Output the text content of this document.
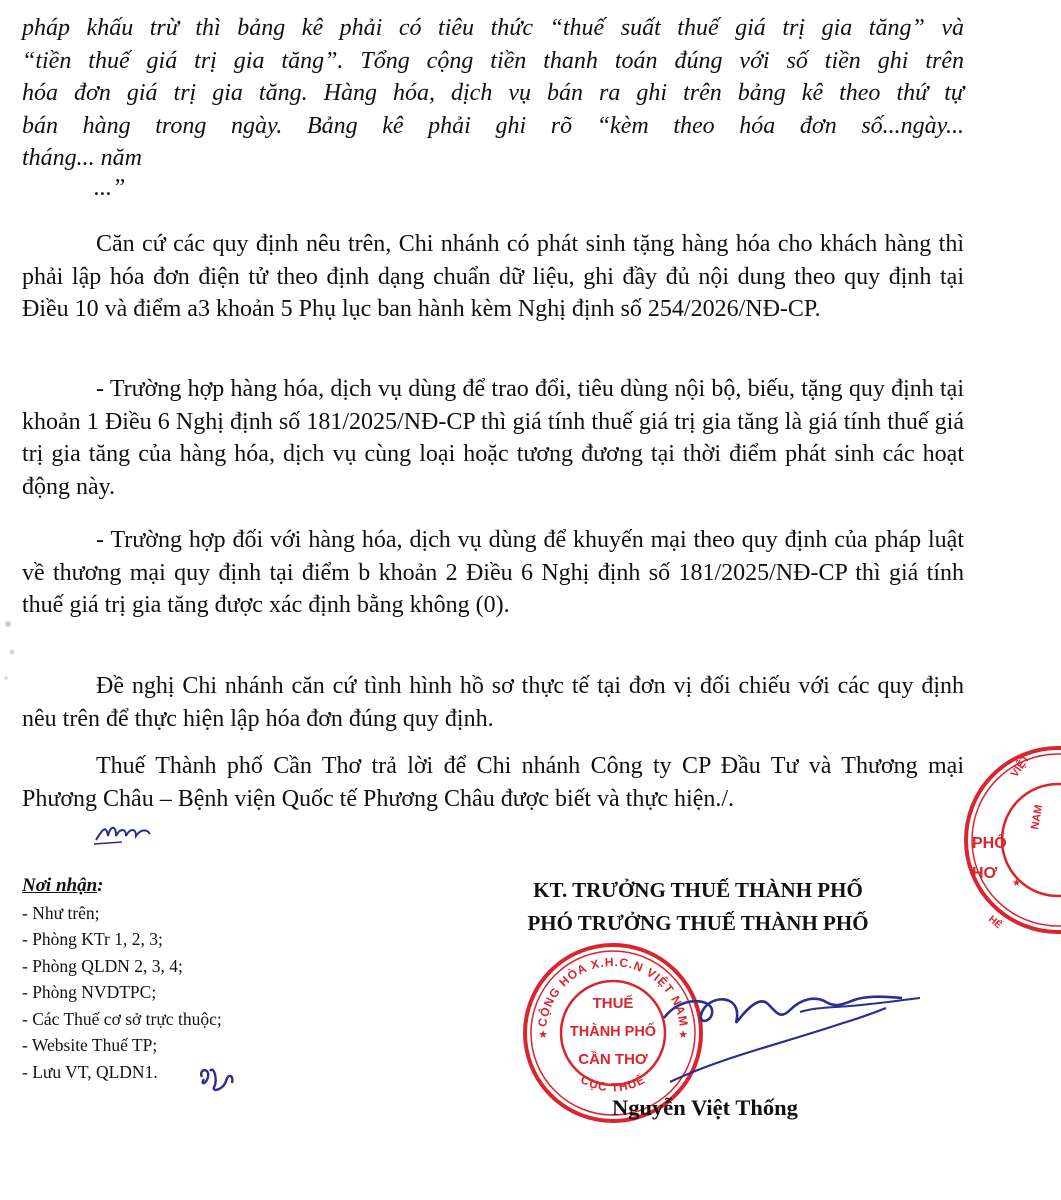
pháp khấu trừ thì bảng kê phải có tiêu thức “thuế suất thuế giá trị gia tăng” và
“tiền thuế giá trị gia tăng”. Tổng cộng tiền thanh toán đúng với số tiền ghi trên
hóa đơn giá trị gia tăng. Hàng hóa, dịch vụ bán ra ghi trên bảng kê theo thứ tự
bán hàng trong ngày. Bảng kê phải ghi rõ “kèm theo hóa đơn số...ngày...
tháng... năm
...”

Căn cứ các quy định nêu trên, Chi nhánh có phát sinh tặng hàng hóa cho khách hàng thì phải lập hóa đơn điện tử theo định dạng chuẩn dữ liệu, ghi đầy đủ nội dung theo quy định tại Điều 10 và điểm a3 khoản 5 Phụ lục ban hành kèm Nghị định số 254/2026/NĐ-CP.

- Trường hợp hàng hóa, dịch vụ dùng để trao đổi, tiêu dùng nội bộ, biếu, tặng quy định tại khoản 1 Điều 6 Nghị định số 181/2025/NĐ-CP thì giá tính thuế giá trị gia tăng là giá tính thuế giá trị gia tăng của hàng hóa, dịch vụ cùng loại hoặc tương đương tại thời điểm phát sinh các hoạt động này.

- Trường hợp đối với hàng hóa, dịch vụ dùng để khuyến mại theo quy định của pháp luật về thương mại quy định tại điểm b khoản 2 Điều 6 Nghị định số 181/2025/NĐ-CP thì giá tính thuế giá trị gia tăng được xác định bằng không (0).

Đề nghị Chi nhánh căn cứ tình hình hồ sơ thực tế tại đơn vị đối chiếu với các quy định nêu trên để thực hiện lập hóa đơn đúng quy định.

Thuế Thành phố Cần Thơ trả lời để Chi nhánh Công ty CP Đầu Tư và Thương mại Phương Châu – Bệnh viện Quốc tế Phương Châu được biết và thực hiện./.

Nơi nhận:
- Như trên;
- Phòng KTr 1, 2, 3;
- Phòng QLDN 2, 3, 4;
- Phòng NVDTPC;
- Các Thuế cơ sở trực thuộc;
- Website Thuế TP;
- Lưu VT, QLDN1.
KT. TRƯỞNG THUẾ THÀNH PHỐ
PHÓ TRƯỞNG THUẾ THÀNH PHỐ
CỘNG HÒA X.H.C.N VIỆT NAM
CỤC THUẾ
★	★
THUẾ
THÀNH PHỐ
CẦN THƠ
VIỆT
NAM
PHỐ
HƠ
HẾ
★
Nguyễn Việt Thống
